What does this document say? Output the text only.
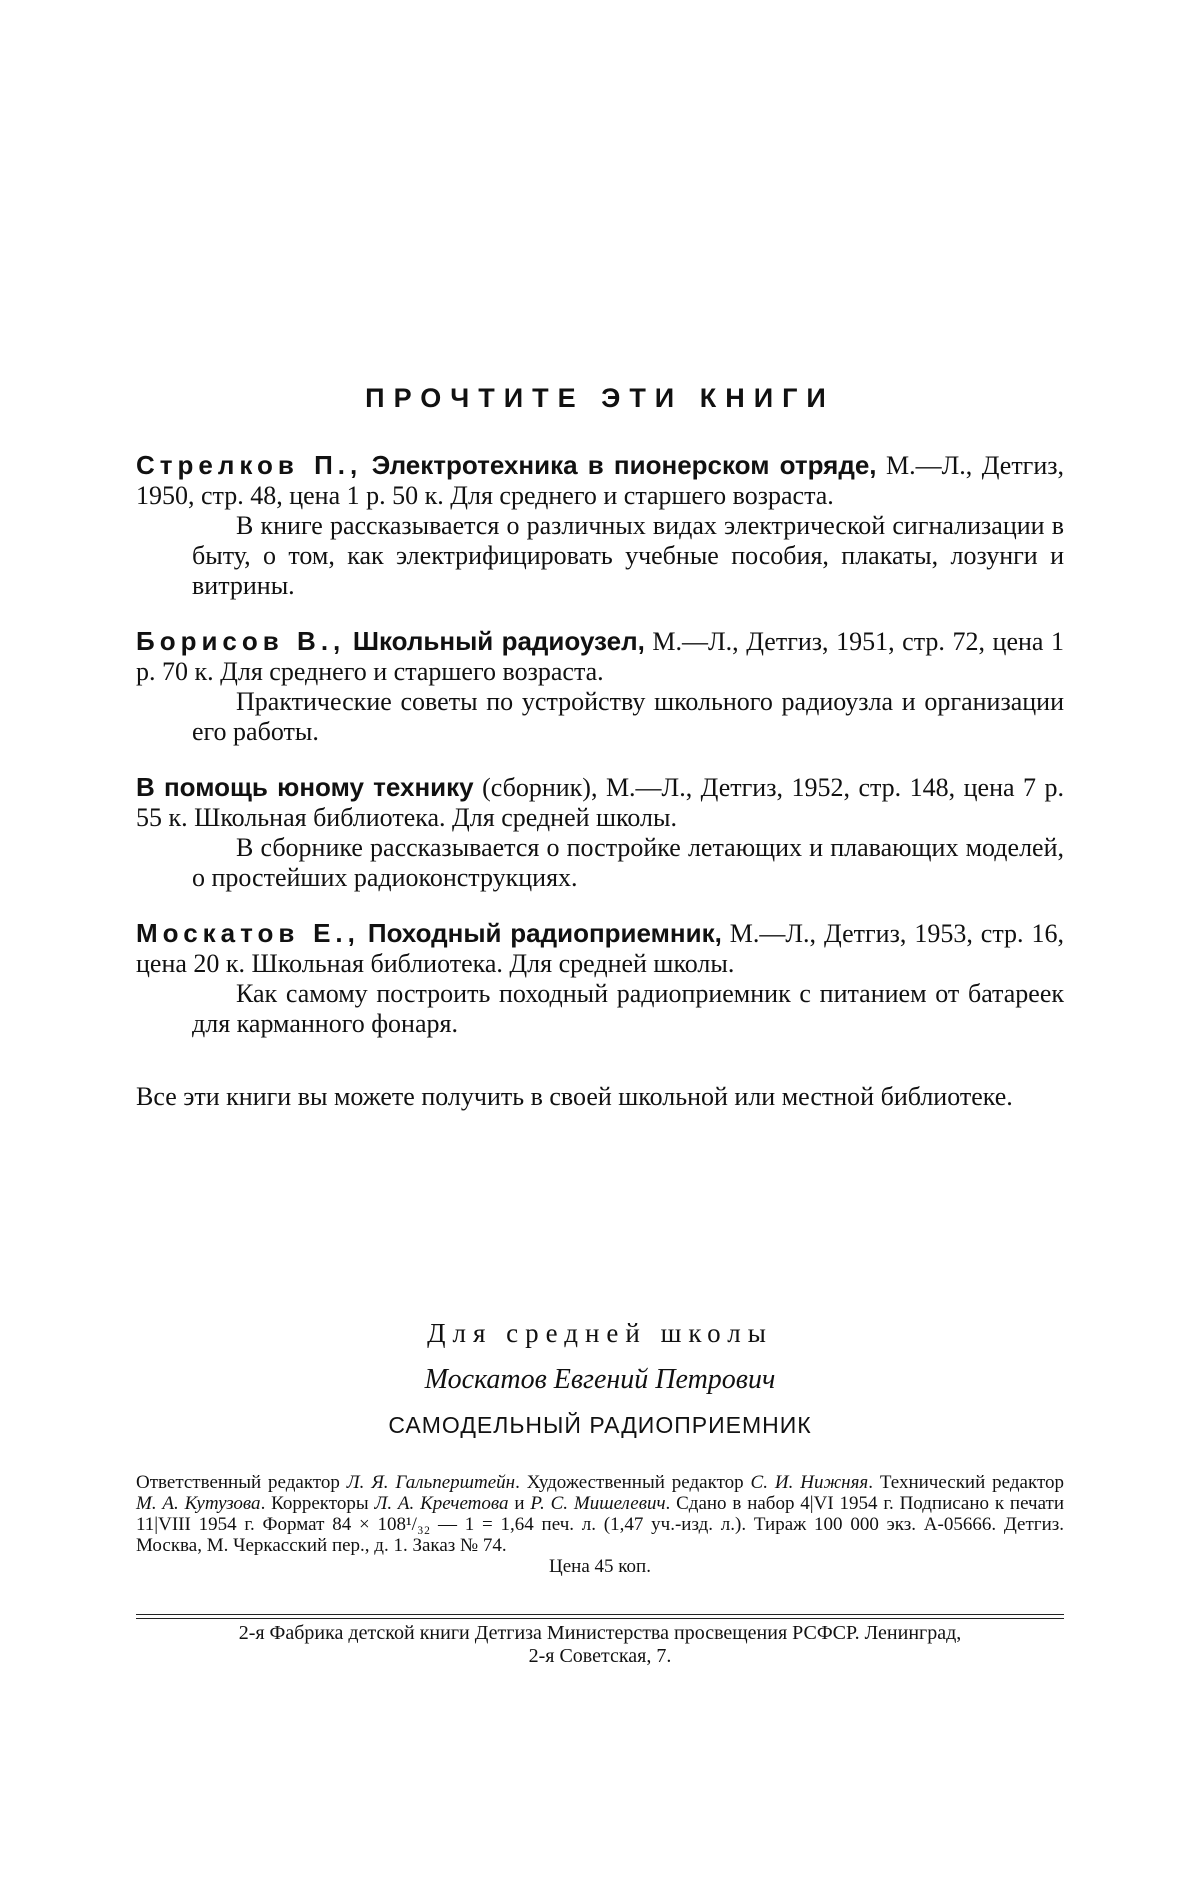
ПРОЧТИТЕ ЭТИ КНИГИ
Стрелков П., Электротехника в пионерском отряде, М.—Л., Детгиз, 1950, стр. 48, цена 1 р. 50 к. Для среднего и старшего возраста.
В книге рассказывается о различных видах электрической сигнализации в быту, о том, как электрифицировать учебные пособия, плакаты, лозунги и витрины.
Борисов В., Школьный радиоузел, М.—Л., Детгиз, 1951, стр. 72, цена 1 р. 70 к. Для среднего и старшего возраста.
Практические советы по устройству школьного радиоузла и организации его работы.
В помощь юному технику (сборник), М.—Л., Детгиз, 1952, стр. 148, цена 7 р. 55 к. Школьная библиотека. Для средней школы.
В сборнике рассказывается о постройке летающих и плавающих моделей, о простейших радиоконструкциях.
Москатов Е., Походный радиоприемник, М.—Л., Детгиз, 1953, стр. 16, цена 20 к. Школьная библиотека. Для средней школы.
Как самому построить походный радиоприемник с питанием от батареек для карманного фонаря.
Все эти книги вы можете получить в своей школьной или местной библиотеке.
Для средней школы
Москатов Евгений Петрович
САМОДЕЛЬНЫЙ РАДИОПРИЕМНИК
Ответственный редактор Л. Я. Гальперштейн. Художественный редактор С. И. Нижняя. Технический редактор М. А. Кутузова. Корректоры Л. А. Кречетова и Р. С. Мишелевич. Сдано в набор 4|VI 1954 г. Подписано к печати 11|VIII 1954 г. Формат 84 × 108¹/₃₂ — 1 = 1,64 печ. л. (1,47 уч.-изд. л.). Тираж 100 000 экз. А-05666. Детгиз. Москва, М. Черкасский пер., д. 1. Заказ № 74.
Цена 45 коп.
2-я Фабрика детской книги Детгиза Министерства просвещения РСФСР. Ленинград,
2-я Советская, 7.
